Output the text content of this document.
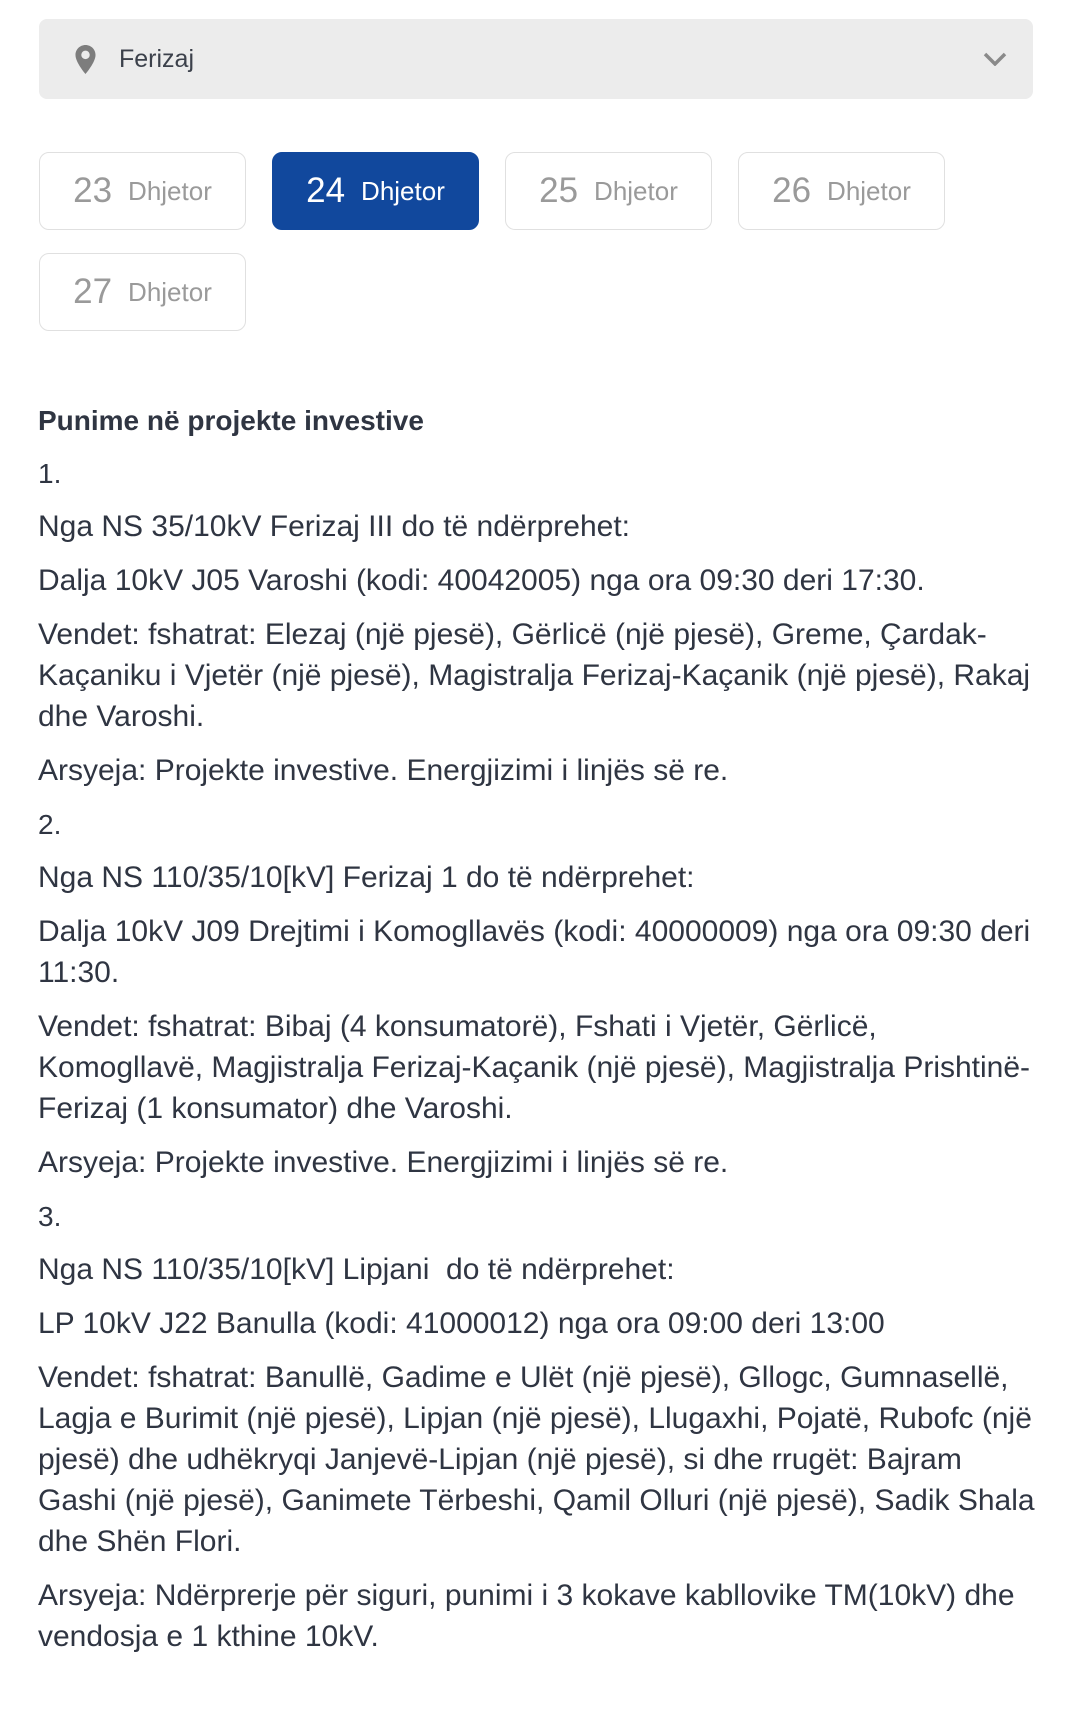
Ferizaj
23 Dhjetor	24 Dhjetor	25 Dhjetor	26 Dhjetor
27 Dhjetor

Punime në projekte investive

1.

Nga NS 35/10kV Ferizaj III do të ndërprehet:

Dalja 10kV J05 Varoshi (kodi: 40042005) nga ora 09:30 deri 17:30.

Vendet: fshatrat: Elezaj (një pjesë), Gërlicë (një pjesë), Greme, Çardak-Kaçaniku i Vjetër (një pjesë), Magistralja Ferizaj-Kaçanik (një pjesë), Rakaj dhe Varoshi.

Arsyeja: Projekte investive. Energjizimi i linjës së re.

2.

Nga NS 110/35/10[kV] Ferizaj 1 do të ndërprehet:

Dalja 10kV J09 Drejtimi i Komogllavës (kodi: 40000009) nga ora 09:30 deri 11:30.

Vendet: fshatrat: Bibaj (4 konsumatorë), Fshati i Vjetër, Gërlicë, Komogllavë, Magjistralja Ferizaj-Kaçanik (një pjesë), Magjistralja Prishtinë-Ferizaj (1 konsumator) dhe Varoshi.

Arsyeja: Projekte investive. Energjizimi i linjës së re.

3.

Nga NS 110/35/10[kV] Lipjani  do të ndërprehet:

LP 10kV J22 Banulla (kodi: 41000012) nga ora 09:00 deri 13:00

Vendet: fshatrat: Banullë, Gadime e Ulët (një pjesë), Gllogc, Gumnasellë, Lagja e Burimit (një pjesë), Lipjan (një pjesë), Llugaxhi, Pojatë, Rubofc (një pjesë) dhe udhëkryqi Janjevë-Lipjan (një pjesë), si dhe rrugët: Bajram Gashi (një pjesë), Ganimete Tërbeshi, Qamil Olluri (një pjesë), Sadik Shala dhe Shën Flori.

Arsyeja: Ndërprerje për siguri, punimi i 3 kokave kabllovike TM(10kV) dhe vendosja e 1 kthine 10kV.
